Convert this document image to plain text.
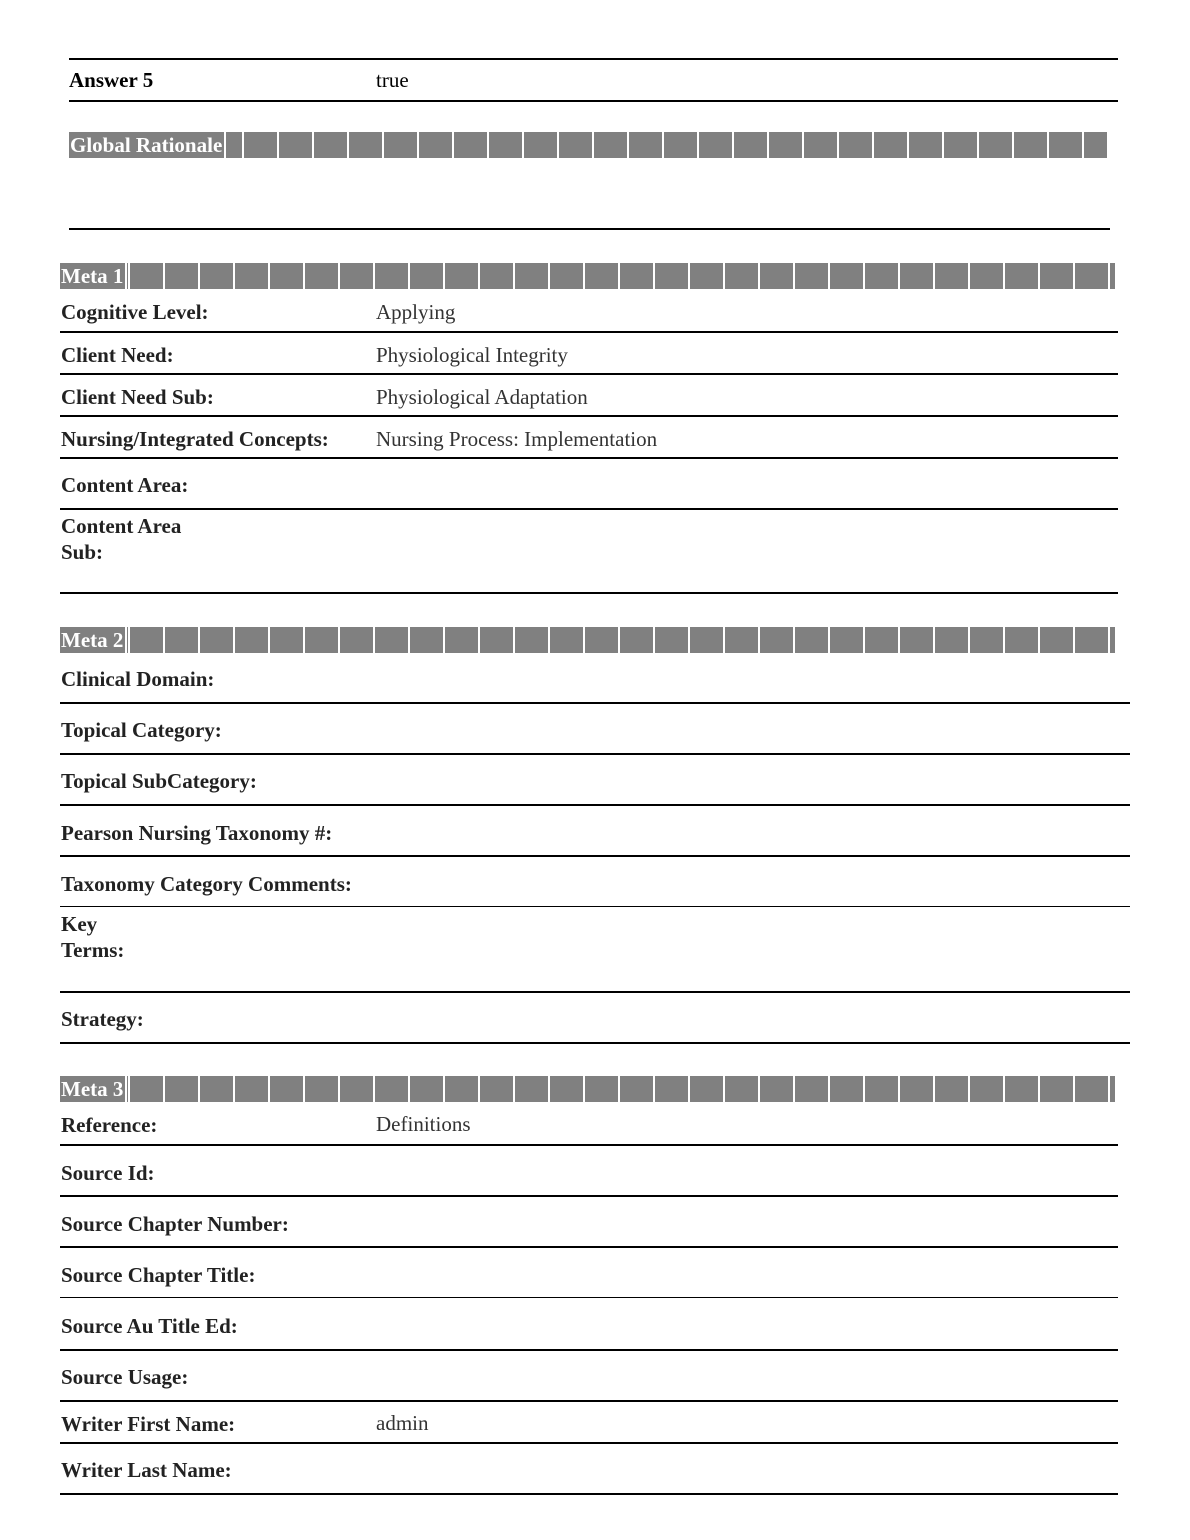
Answer 5	true
Global Rationale
Meta 1
Cognitive Level:	Applying
Client Need:	Physiological Integrity
Client Need Sub:	Physiological Adaptation
Nursing/Integrated Concepts: Nursing Process: Implementation
Content Area:
Content Area
Sub:
Meta 2
Clinical Domain:
Topical Category:
Topical SubCategory:
Pearson Nursing Taxonomy #:
Taxonomy Category Comments:
Key
Terms:
Strategy:
Meta 3
Reference:	Definitions
Source Id:
Source Chapter Number:
Source Chapter Title:
Source Au Title Ed:
Source Usage:
Writer First Name:	admin
Writer Last Name:
